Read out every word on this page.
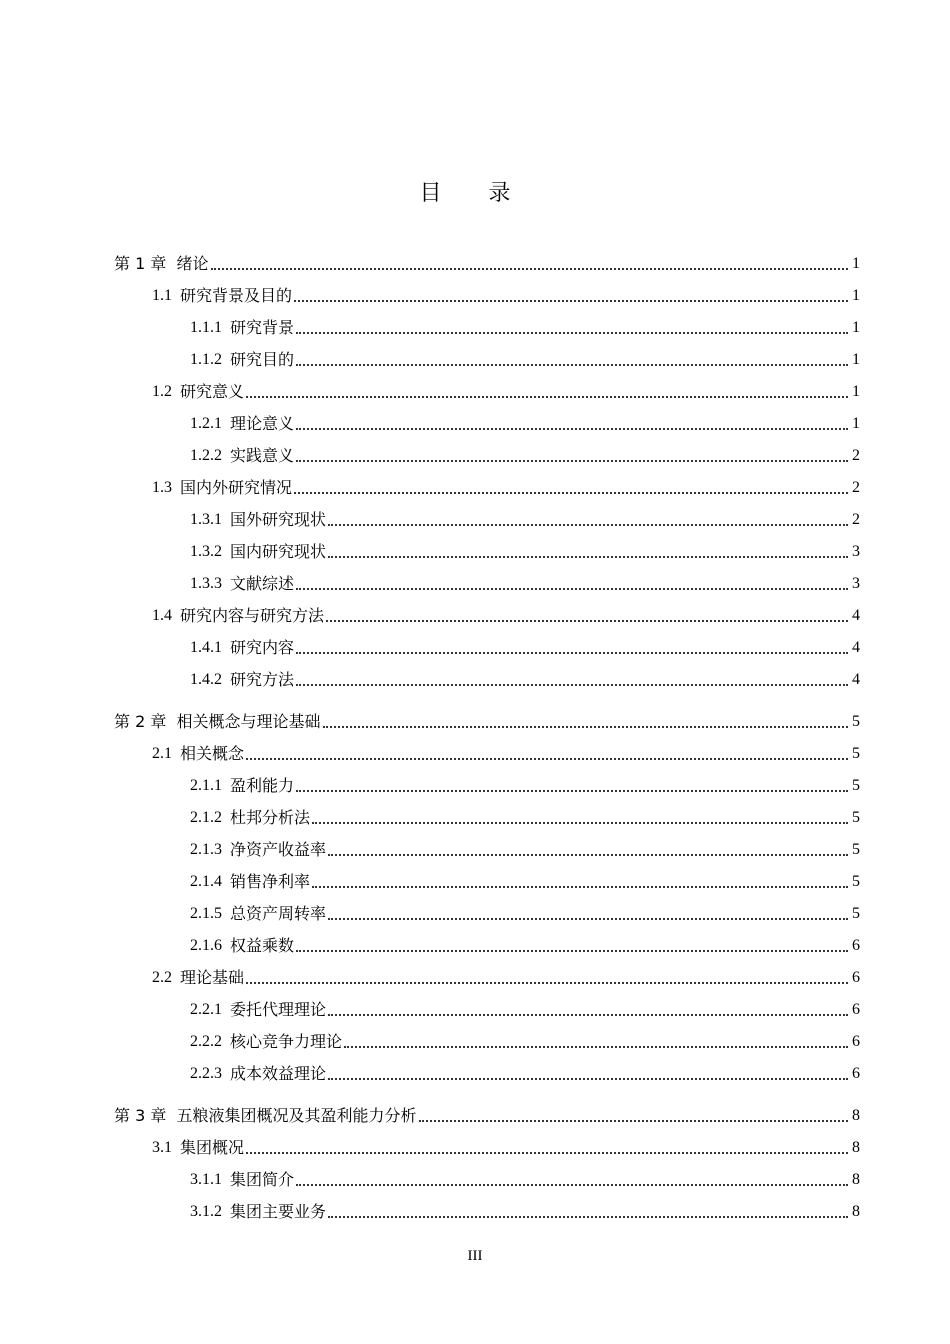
目 录
第 1 章 绪论	1
1.1 研究背景及目的	1
1.1.1 研究背景	1
1.1.2 研究目的	1
1.2 研究意义	1
1.2.1 理论意义	1
1.2.2 实践意义	2
1.3 国内外研究情况	2
1.3.1 国外研究现状	2
1.3.2 国内研究现状	3
1.3.3 文献综述	3
1.4 研究内容与研究方法	4
1.4.1 研究内容	4
1.4.2 研究方法	4
第 2 章 相关概念与理论基础	5
2.1 相关概念	5
2.1.1 盈利能力	5
2.1.2 杜邦分析法	5
2.1.3 净资产收益率	5
2.1.4 销售净利率	5
2.1.5 总资产周转率	5
2.1.6 权益乘数	6
2.2 理论基础	6
2.2.1 委托代理理论	6
2.2.2 核心竞争力理论	6
2.2.3 成本效益理论	6
第 3 章 五粮液集团概况及其盈利能力分析	8
3.1 集团概况	8
3.1.1 集团简介	8
3.1.2 集团主要业务	8
III
